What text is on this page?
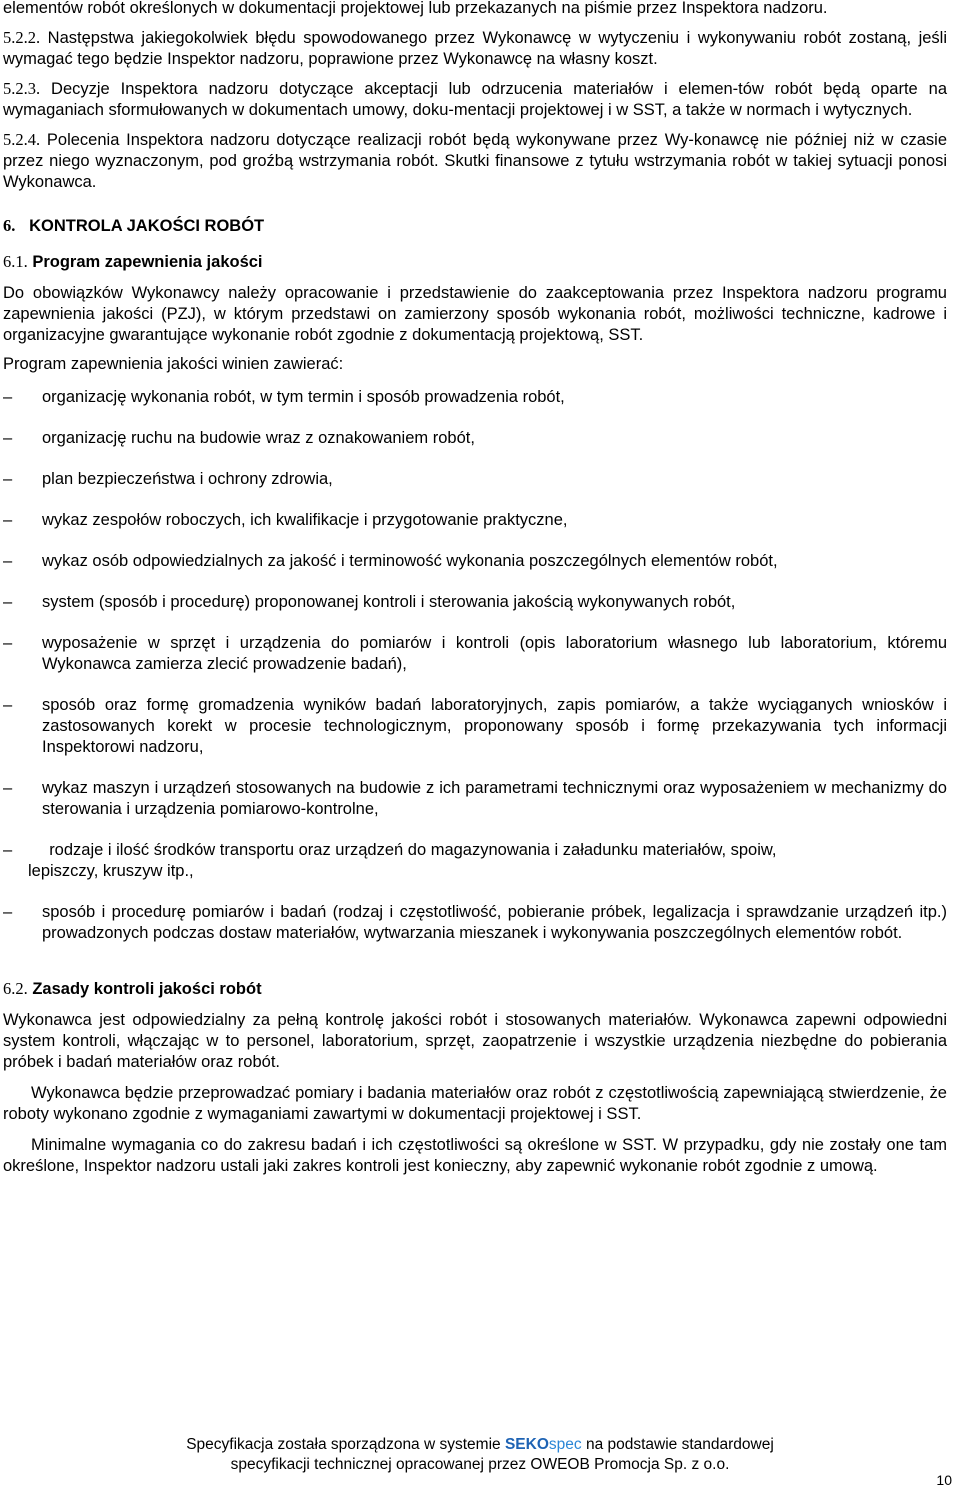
elementów robót określonych w dokumentacji projektowej lub przekazanych na piśmie przez Inspektora nadzoru.

5.2.2. Następstwa jakiegokolwiek błędu spowodowanego przez Wykonawcę w wytyczeniu i wykonywaniu robót zostaną, jeśli wymagać tego będzie Inspektor nadzoru, poprawione przez Wykonawcę na własny koszt.

5.2.3. Decyzje Inspektora nadzoru dotyczące akceptacji lub odrzucenia materiałów i elemen-tów robót będą oparte na wymaganiach sformułowanych w dokumentach umowy, doku-mentacji projektowej i w SST, a także w normach i wytycznych.

5.2.4. Polecenia Inspektora nadzoru dotyczące realizacji robót będą wykonywane przez Wy-konawcę nie później niż w czasie przez niego wyznaczonym, pod groźbą wstrzymania robót. Skutki finansowe z tytułu wstrzymania robót w takiej sytuacji ponosi Wykonawca.

6. KONTROLA JAKOŚCI ROBÓT

6.1. Program zapewnienia jakości

Do obowiązków Wykonawcy należy opracowanie i przedstawienie do zaakceptowania przez Inspektora nadzoru programu zapewnienia jakości (PZJ), w którym przedstawi on zamierzony sposób wykonania robót, możliwości techniczne, kadrowe i organizacyjne gwarantujące wykonanie robót zgodnie z dokumentacją projektową, SST.

Program zapewnienia jakości winien zawierać:

– organizację wykonania robót, w tym termin i sposób prowadzenia robót,
– organizację ruchu na budowie wraz z oznakowaniem robót,
– plan bezpieczeństwa i ochrony zdrowia,
– wykaz zespołów roboczych, ich kwalifikacje i przygotowanie praktyczne,
– wykaz osób odpowiedzialnych za jakość i terminowość wykonania poszczególnych elementów robót,
– system (sposób i procedurę) proponowanej kontroli i sterowania jakością wykonywanych robót,
– wyposażenie w sprzęt i urządzenia do pomiarów i kontroli (opis laboratorium własnego lub laboratorium, któremu Wykonawca zamierza zlecić prowadzenie badań),
– sposób oraz formę gromadzenia wyników badań laboratoryjnych, zapis pomiarów, a także wyciąganych wniosków i zastosowanych korekt w procesie technologicznym, proponowany sposób i formę przekazywania tych informacji Inspektorowi nadzoru,
– wykaz maszyn i urządzeń stosowanych na budowie z ich parametrami technicznymi oraz wyposażeniem w mechanizmy do sterowania i urządzenia pomiarowo-kontrolne,
– rodzaje i ilość środków transportu oraz urządzeń do magazynowania i załadunku materiałów, spoiw,
lepiszczy, kruszyw itp.,
– sposób i procedurę pomiarów i badań (rodzaj i częstotliwość, pobieranie próbek, legalizacja i sprawdzanie urządzeń itp.) prowadzonych podczas dostaw materiałów, wytwarzania mieszanek i wykonywania poszczególnych elementów robót.

6.2. Zasady kontroli jakości robót

Wykonawca jest odpowiedzialny za pełną kontrolę jakości robót i stosowanych materiałów. Wykonawca zapewni odpowiedni system kontroli, włączając w to personel, laboratorium, sprzęt, zaopatrzenie i wszystkie urządzenia niezbędne do pobierania próbek i badań materiałów oraz robót.

Wykonawca będzie przeprowadzać pomiary i badania materiałów oraz robót z częstotliwością zapewniającą stwierdzenie, że roboty wykonano zgodnie z wymaganiami zawartymi w dokumentacji projektowej i SST.

Minimalne wymagania co do zakresu badań i ich częstotliwości są określone w SST. W przypadku, gdy nie zostały one tam określone, Inspektor nadzoru ustali jaki zakres kontroli jest konieczny, aby zapewnić wykonanie robót zgodnie z umową.

Specyfikacja została sporządzona w systemie SEKOspec na podstawie standardowej
specyfikacji technicznej opracowanej przez OWEOB Promocja Sp. z o.o.
10
